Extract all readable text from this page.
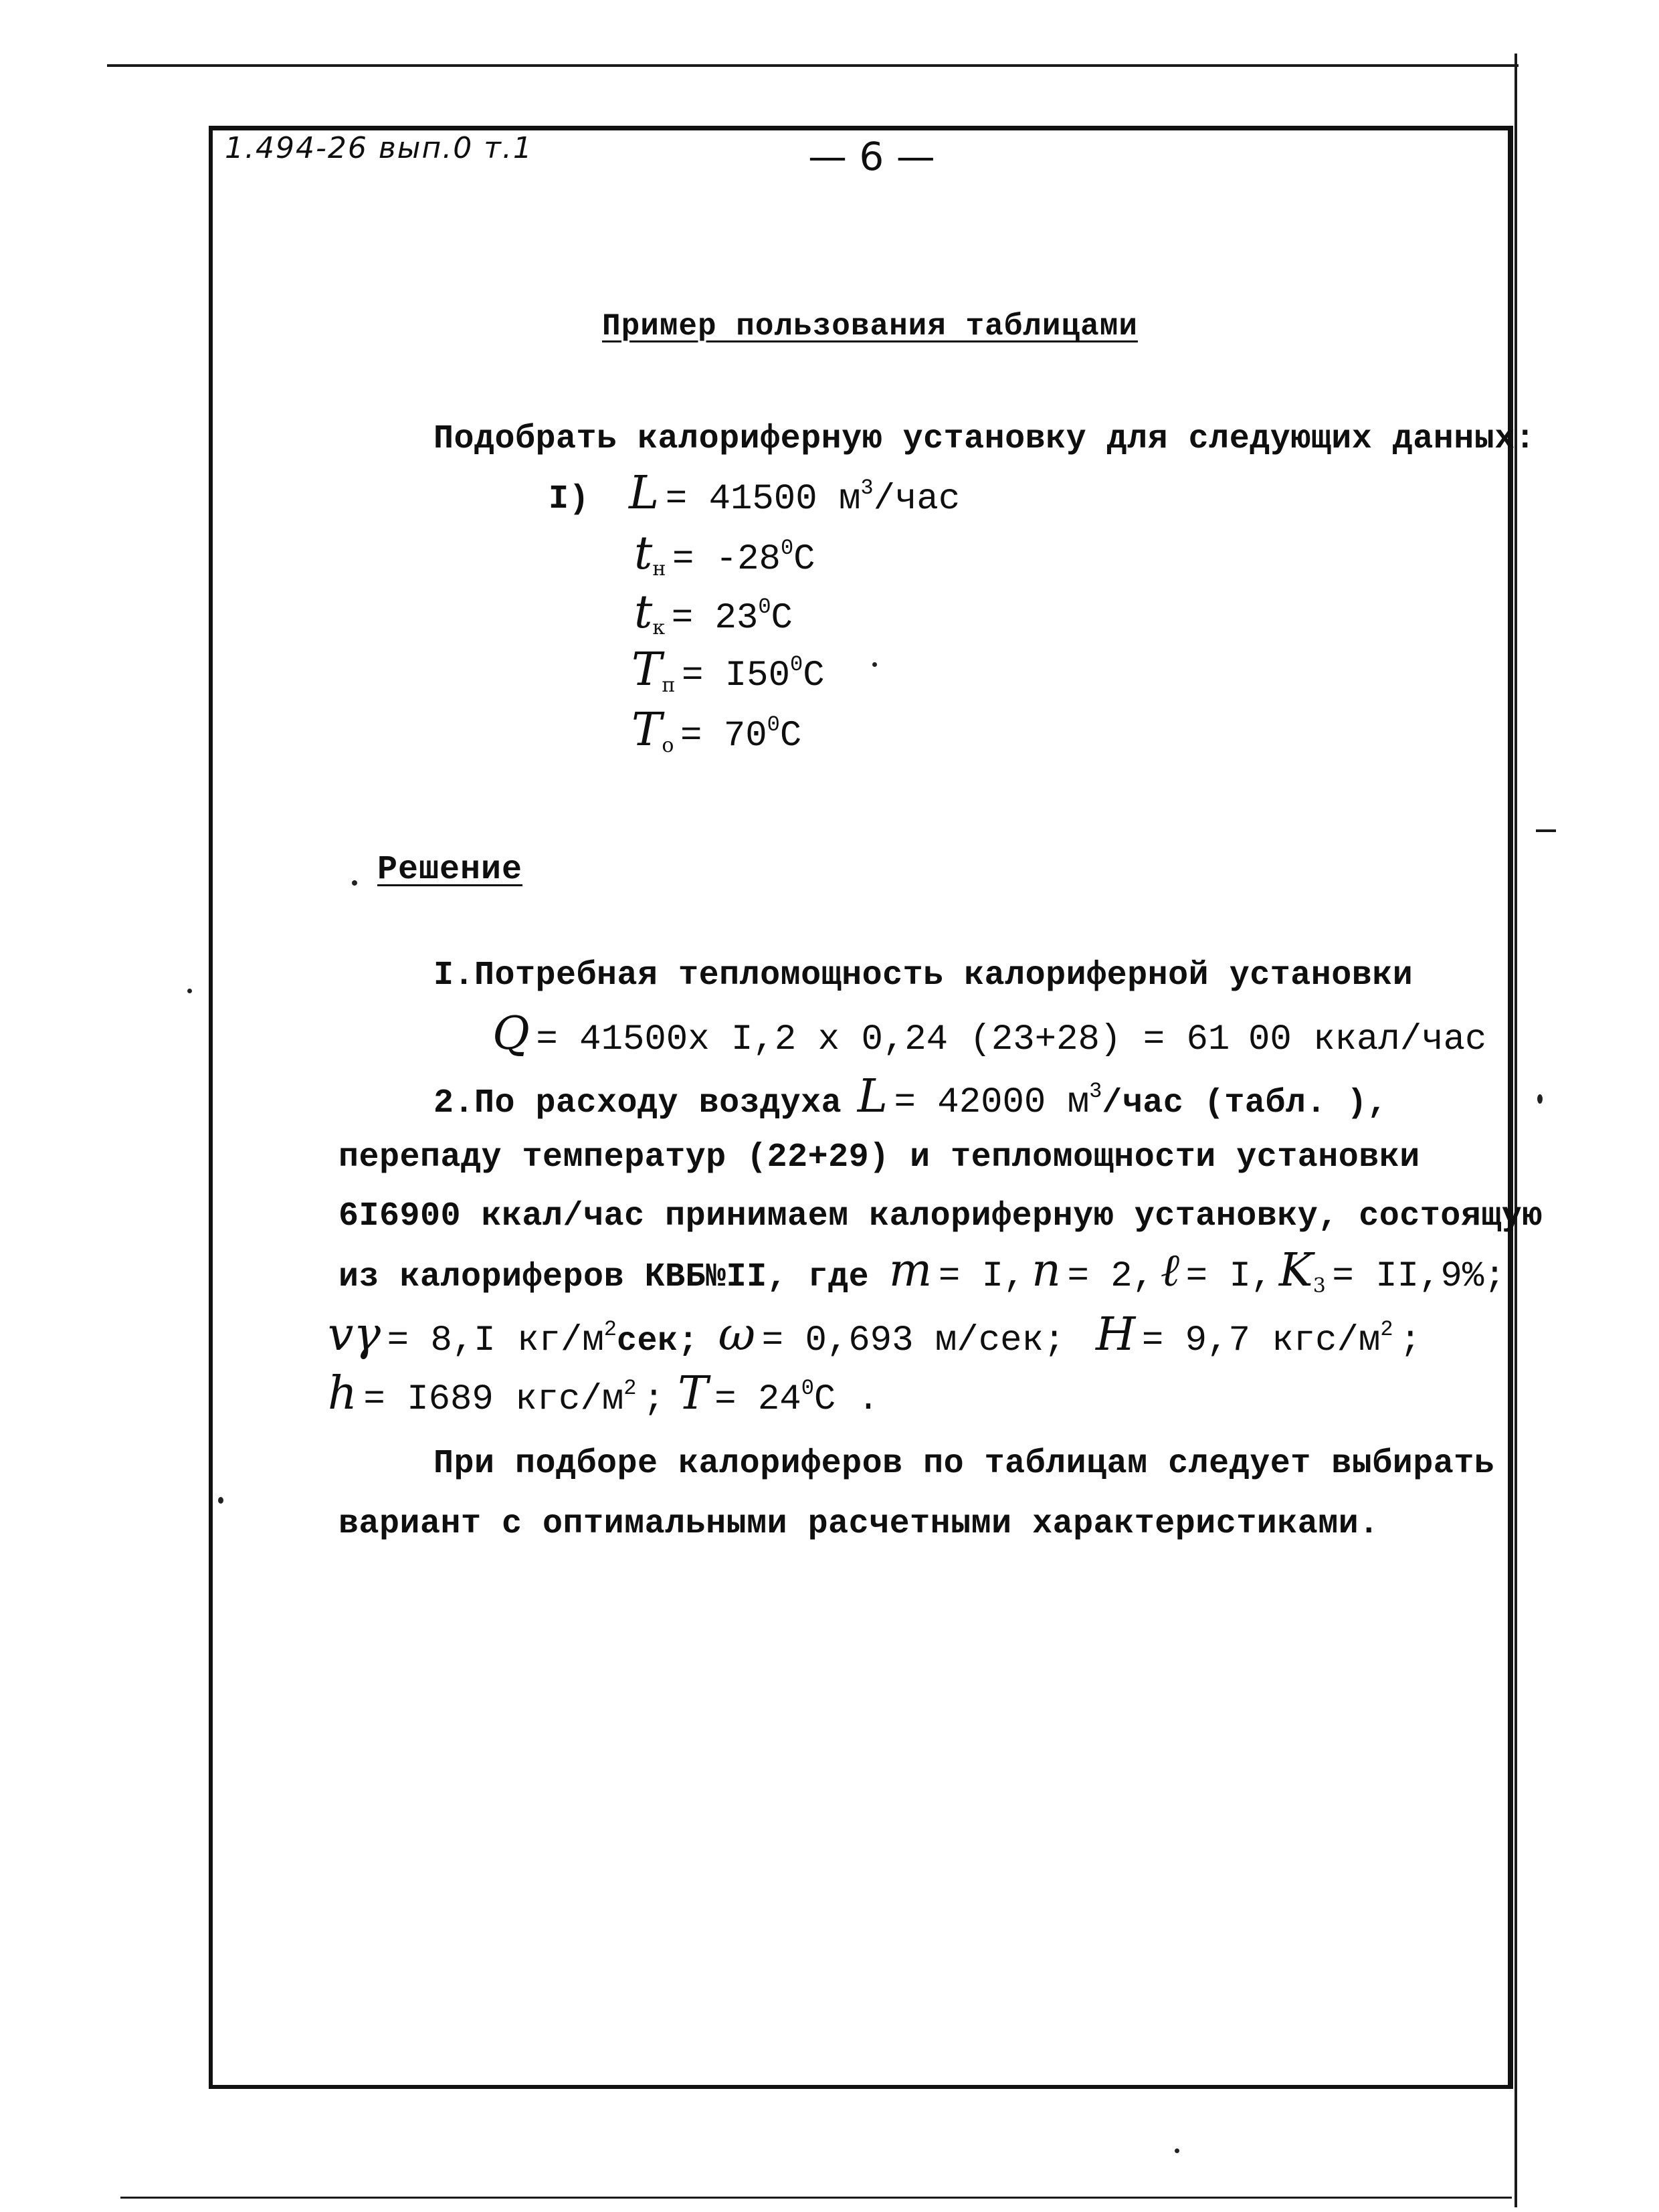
1.494-26 вып.0 т.1	— 6 —
Пример пользования таблицами
Подобрать калориферную установку для следующих данных:
I) L = 41500 м3/час
tн = -280С
tк = 230С
Tп = I500С
Tо = 700С
Решение
I.Потребная тепломощность калориферной установки
Q = 41500x I,2 x 0,24 (23+28) = 61 00 ккал/час
2.По расходу воздуха L = 42000 м3/час (табл. ),
перепаду температур (22+29) и тепломощности установки
6I6900 ккал/час принимаем калориферную установку, состоящую
из калориферов КВБ№II, где m = I, n = 2, ℓ = I, K3 = II,9%;
vγ = 8,I кг/м2сек; ω = 0,693 м/сек; H = 9,7 кгс/м2 ;
h = I689 кгс/м2 ; T = 240С .
При подборе калориферов по таблицам следует выбирать
вариант с оптимальными расчетными характеристиками.
